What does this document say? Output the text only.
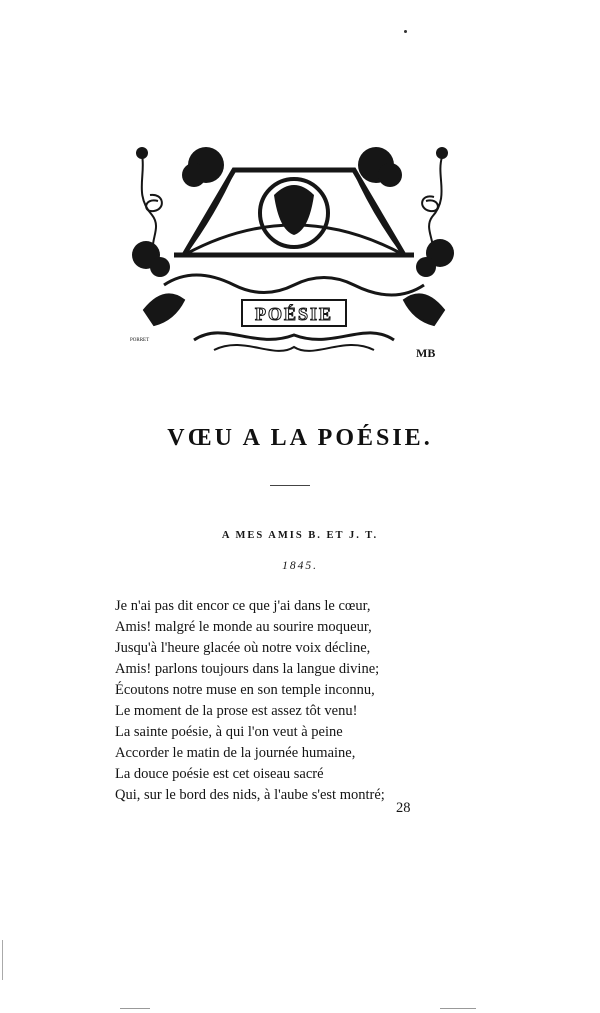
POÉSIE
PORRET
MB
VŒU A LA POÉSIE.
A MES AMIS B. ET J. T.
1845.
Je n'ai pas dit encor ce que j'ai dans le cœur,
Amis! malgré le monde au sourire moqueur,
Jusqu'à l'heure glacée où notre voix décline,
Amis! parlons toujours dans la langue divine;
Écoutons notre muse en son temple inconnu,
Le moment de la prose est assez tôt venu!
La sainte poésie, à qui l'on veut à peine
Accorder le matin de la journée humaine,
La douce poésie est cet oiseau sacré
Qui, sur le bord des nids, à l'aube s'est montré;
28
